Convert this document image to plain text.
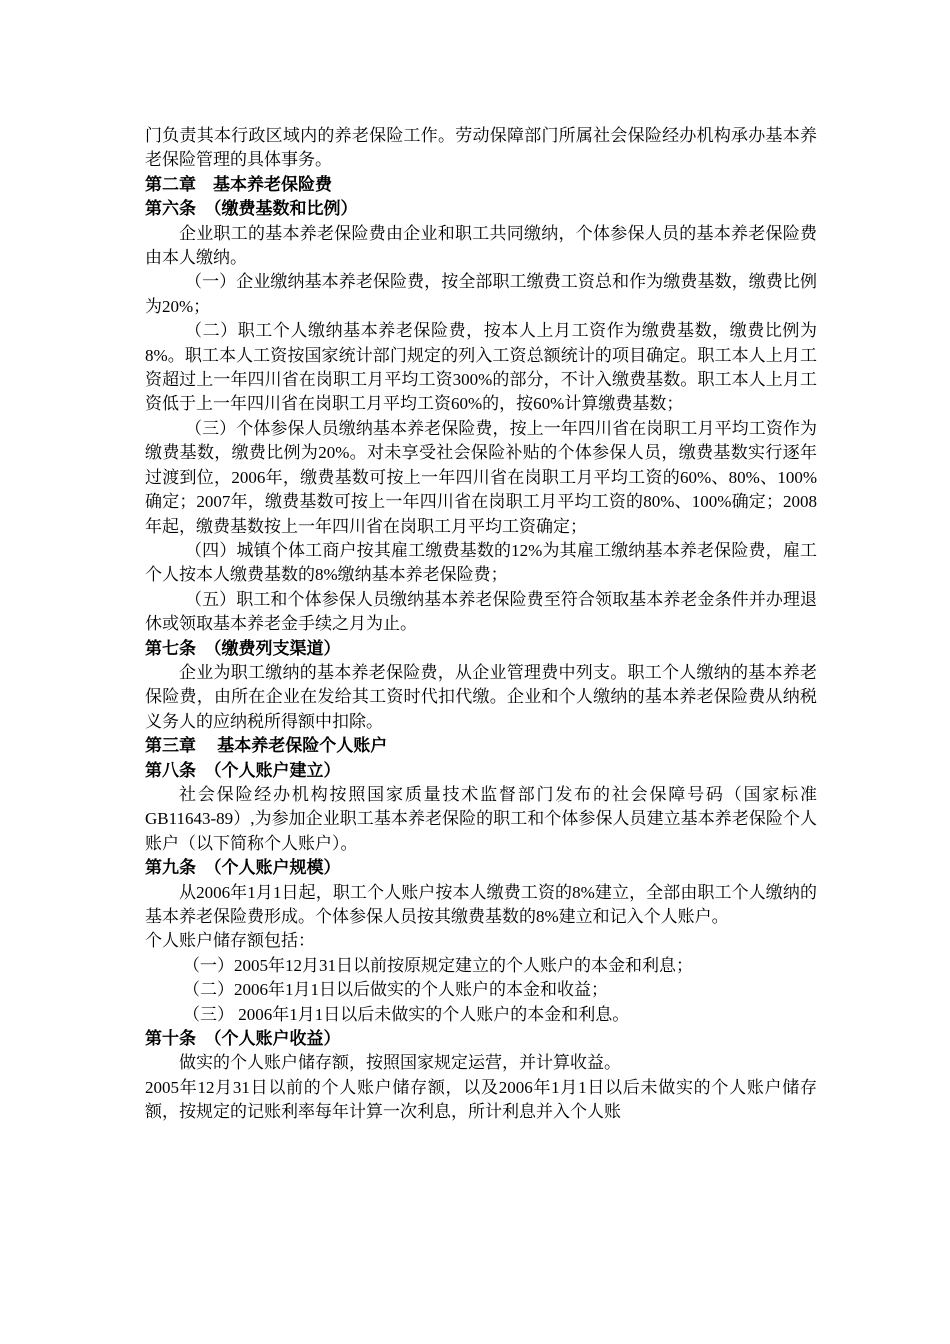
门负责其本行政区域内的养老保险工作。劳动保障部门所属社会保险经办机构承办基本养老保险管理的具体事务。
第二章　基本养老保险费
第六条　（缴费基数和比例）
企业职工的基本养老保险费由企业和职工共同缴纳，个体参保人员的基本养老保险费由本人缴纳。
（一）企业缴纳基本养老保险费，按全部职工缴费工资总和作为缴费基数，缴费比例为20%；
（二）职工个人缴纳基本养老保险费，按本人上月工资作为缴费基数，缴费比例为8%。职工本人工资按国家统计部门规定的列入工资总额统计的项目确定。职工本人上月工资超过上一年四川省在岗职工月平均工资300%的部分，不计入缴费基数。职工本人上月工资低于上一年四川省在岗职工月平均工资60%的，按60%计算缴费基数；
（三）个体参保人员缴纳基本养老保险费，按上一年四川省在岗职工月平均工资作为缴费基数，缴费比例为20%。对未享受社会保险补贴的个体参保人员，缴费基数实行逐年过渡到位，2006年，缴费基数可按上一年四川省在岗职工月平均工资的60%、80%、100%确定；2007年，缴费基数可按上一年四川省在岗职工月平均工资的80%、100%确定；2008年起，缴费基数按上一年四川省在岗职工月平均工资确定；
（四）城镇个体工商户按其雇工缴费基数的12%为其雇工缴纳基本养老保险费，雇工个人按本人缴费基数的8%缴纳基本养老保险费；
（五）职工和个体参保人员缴纳基本养老保险费至符合领取基本养老金条件并办理退休或领取基本养老金手续之月为止。
第七条　（缴费列支渠道）
企业为职工缴纳的基本养老保险费，从企业管理费中列支。职工个人缴纳的基本养老保险费，由所在企业在发给其工资时代扣代缴。企业和个人缴纳的基本养老保险费从纳税义务人的应纳税所得额中扣除。
第三章　 基本养老保险个人账户
第八条　（个人账户建立）
社会保险经办机构按照国家质量技术监督部门发布的社会保障号码（国家标准GB11643-89）,为参加企业职工基本养老保险的职工和个体参保人员建立基本养老保险个人账户（以下简称个人账户）。
第九条　（个人账户规模）
从2006年1月1日起，职工个人账户按本人缴费工资的8%建立，全部由职工个人缴纳的基本养老保险费形成。个体参保人员按其缴费基数的8%建立和记入个人账户。
个人账户储存额包括：
（一）2005年12月31日以前按原规定建立的个人账户的本金和利息；
（二）2006年1月1日以后做实的个人账户的本金和收益；
（三） 2006年1月1日以后未做实的个人账户的本金和利息。
第十条　（个人账户收益）
做实的个人账户储存额，按照国家规定运营，并计算收益。
2005年12月31日以前的个人账户储存额，以及2006年1月1日以后未做实的个人账户储存额，按规定的记账利率每年计算一次利息，所计利息并入个人账
